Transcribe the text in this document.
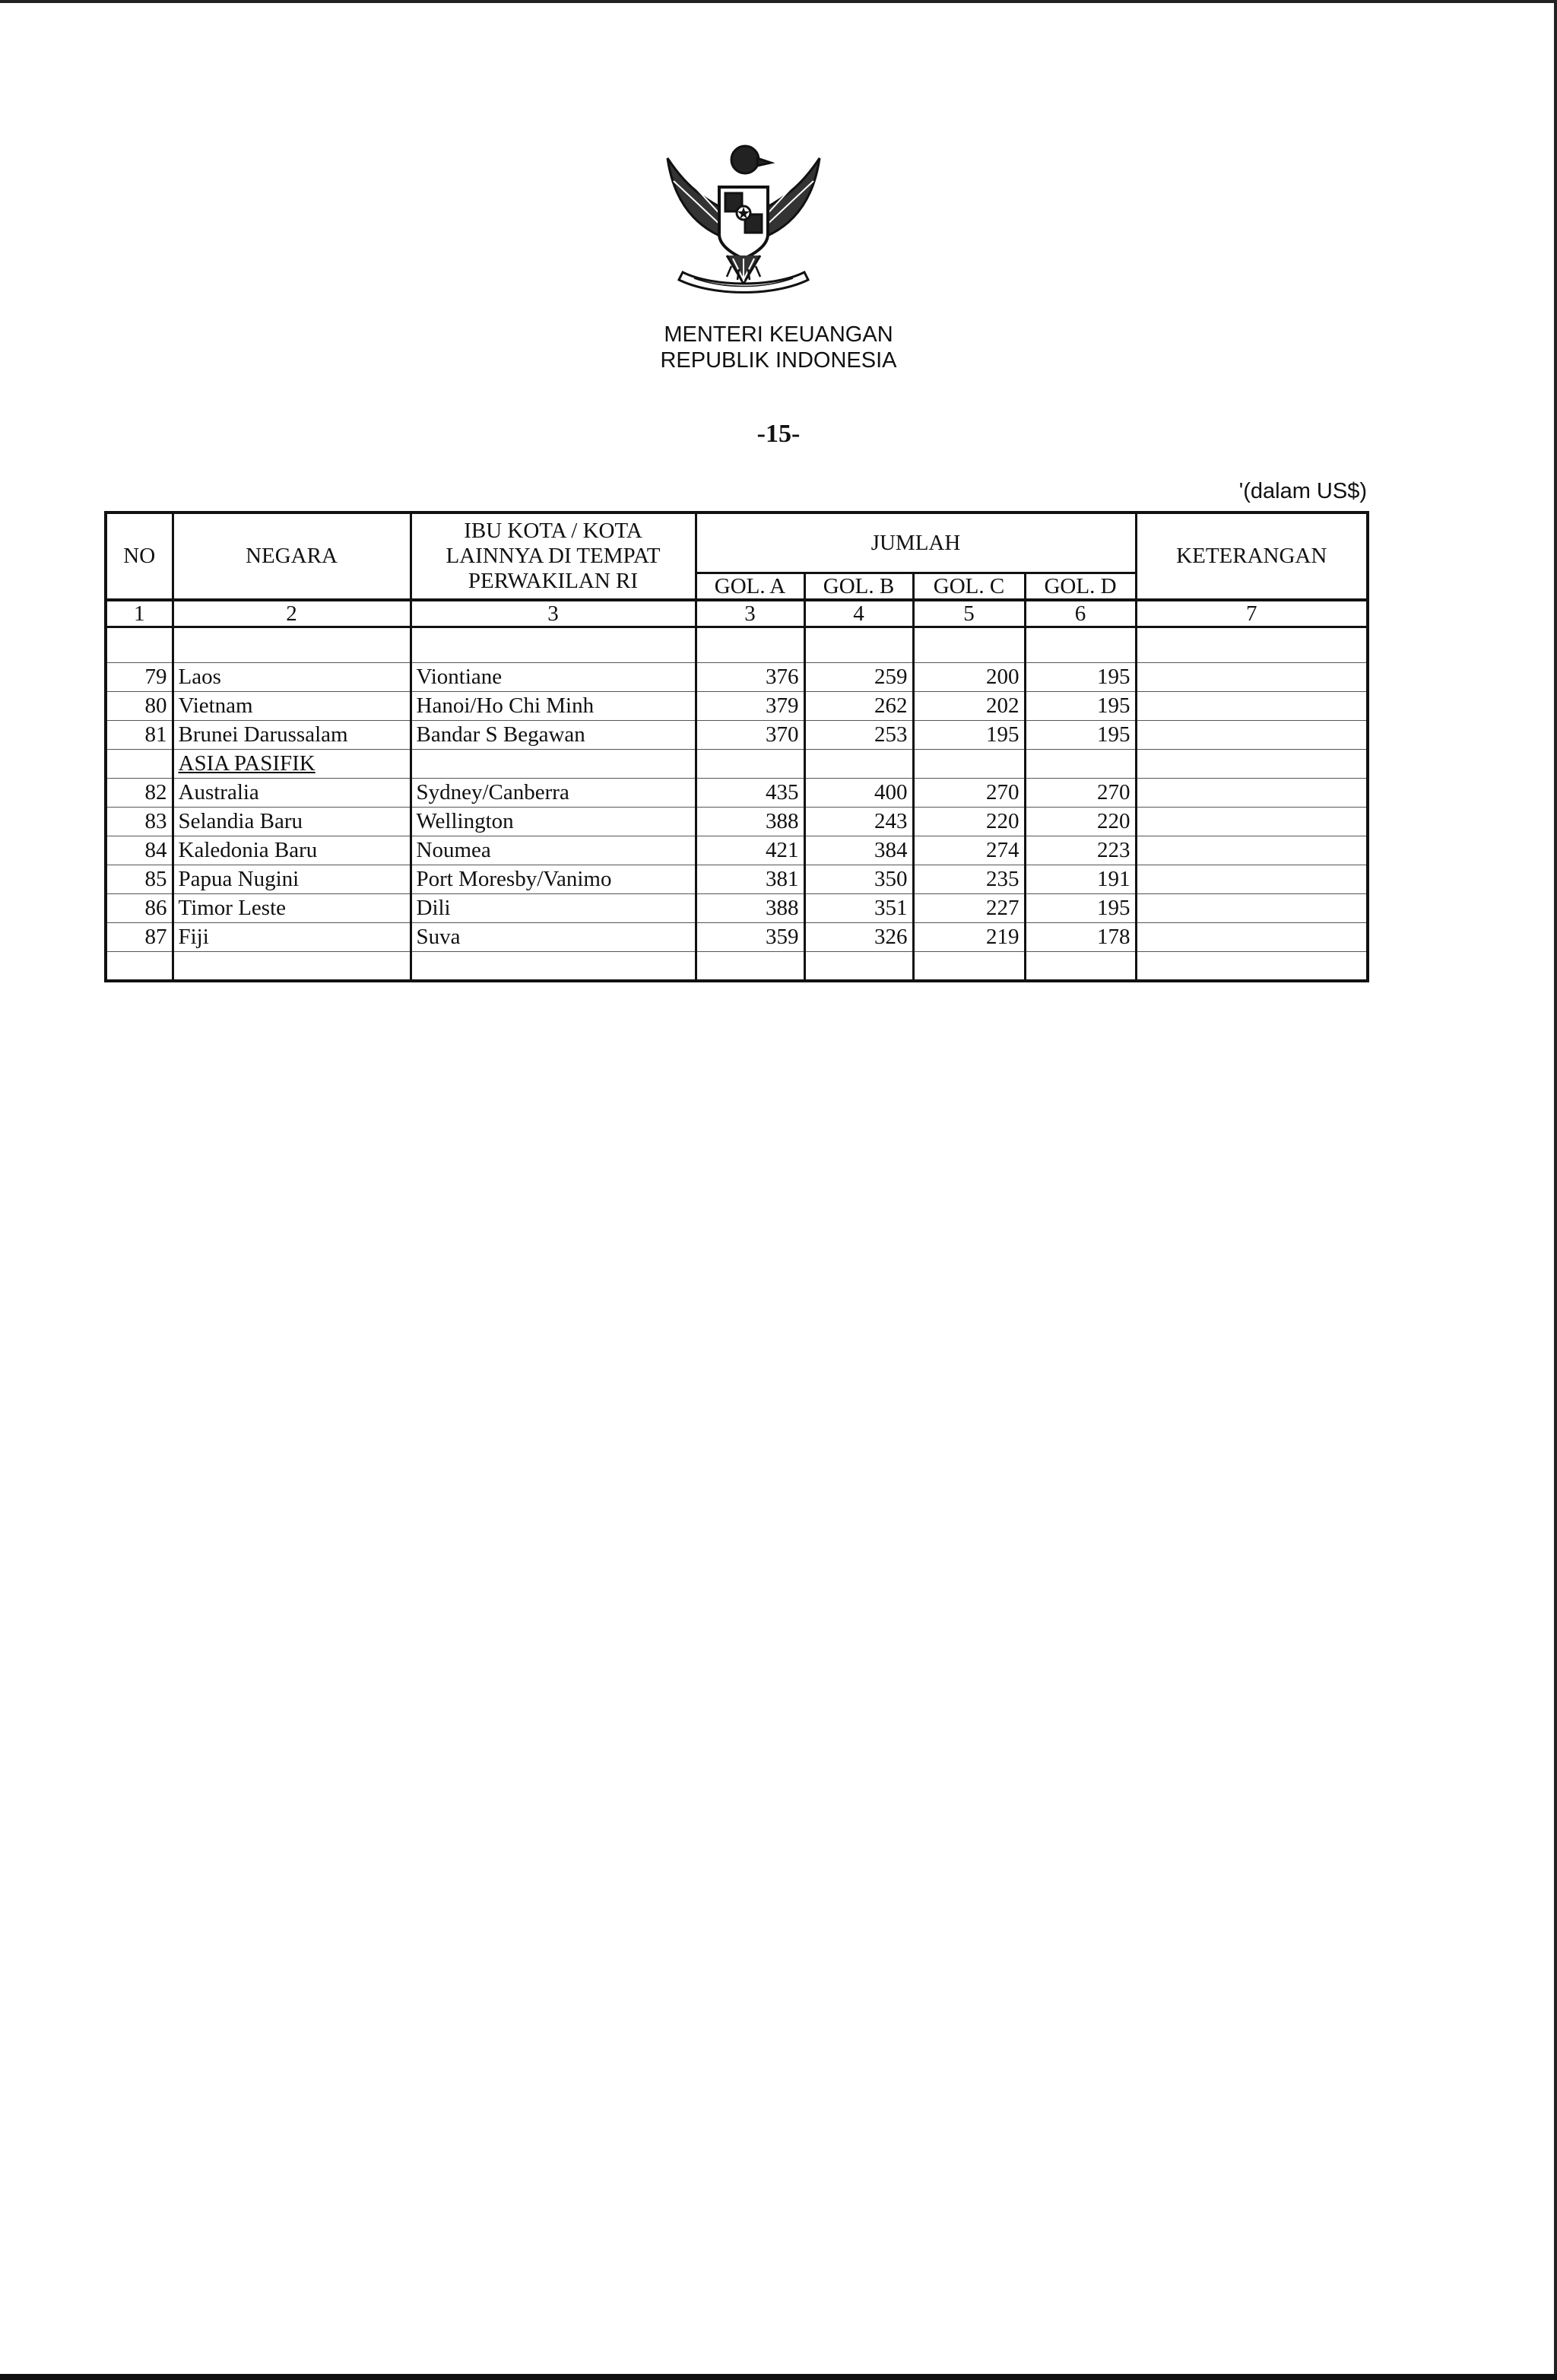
MENTERI KEUANGAN
REPUBLIK INDONESIA
-15-
'(dalam US$)
NO	NEGARA	IBU KOTA / KOTA LAINNYA DI TEMPAT PERWAKILAN RI	JUMLAH				KETERANGAN
			GOL. A	GOL. B	GOL. C	GOL. D	
1	2	3	3	4	5	6	7

79	Laos	Viontiane	376	259	200	195	
80	Vietnam	Hanoi/Ho Chi Minh	379	262	202	195	
81	Brunei Darussalam	Bandar S Begawan	370	253	195	195	
	ASIA PASIFIK						
82	Australia	Sydney/Canberra	435	400	270	270	
83	Selandia Baru	Wellington	388	243	220	220	
84	Kaledonia Baru	Noumea	421	384	274	223	
85	Papua Nugini	Port Moresby/Vanimo	381	350	235	191	
86	Timor Leste	Dili	388	351	227	195	
87	Fiji	Suva	359	326	219	178	
